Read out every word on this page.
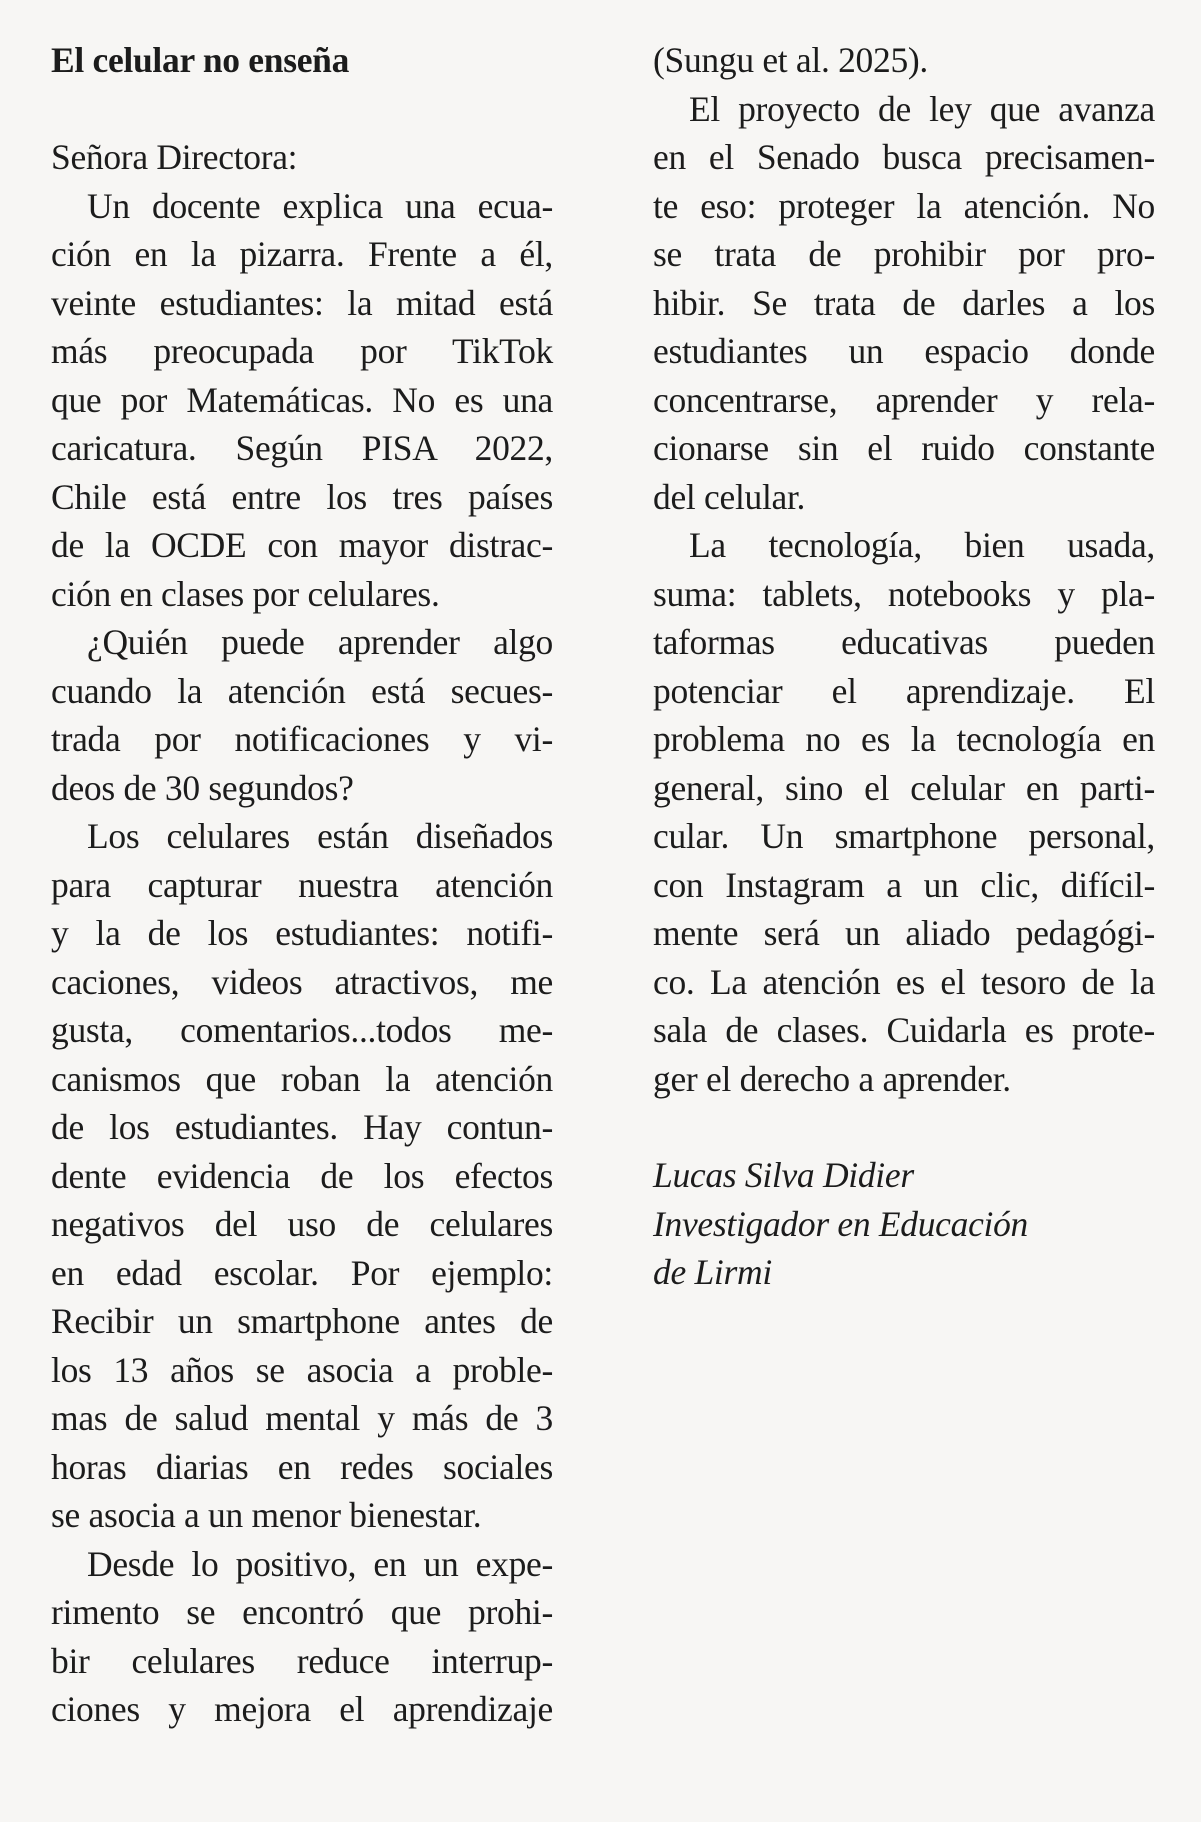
El celular no enseña
Señora Directora:
Un docente explica una ecua-
ción en la pizarra. Frente a él,
veinte estudiantes: la mitad está
más preocupada por TikTok
que por Matemáticas. No es una
caricatura. Según PISA 2022,
Chile está entre los tres países
de la OCDE con mayor distrac-
ción en clases por celulares.
¿Quién puede aprender algo
cuando la atención está secues-
trada por notificaciones y vi-
deos de 30 segundos?
Los celulares están diseñados
para capturar nuestra atención
y la de los estudiantes: notifi-
caciones, videos atractivos, me
gusta, comentarios...todos me-
canismos que roban la atención
de los estudiantes. Hay contun-
dente evidencia de los efectos
negativos del uso de celulares
en edad escolar. Por ejemplo:
Recibir un smartphone antes de
los 13 años se asocia a proble-
mas de salud mental y más de 3
horas diarias en redes sociales
se asocia a un menor bienestar.
Desde lo positivo, en un expe-
rimento se encontró que prohi-
bir celulares reduce interrup-
ciones y mejora el aprendizaje
(Sungu et al. 2025).
El proyecto de ley que avanza
en el Senado busca precisamen-
te eso: proteger la atención. No
se trata de prohibir por pro-
hibir. Se trata de darles a los
estudiantes un espacio donde
concentrarse, aprender y rela-
cionarse sin el ruido constante
del celular.
La tecnología, bien usada,
suma: tablets, notebooks y pla-
taformas educativas pueden
potenciar el aprendizaje. El
problema no es la tecnología en
general, sino el celular en parti-
cular. Un smartphone personal,
con Instagram a un clic, difícil-
mente será un aliado pedagógi-
co. La atención es el tesoro de la
sala de clases. Cuidarla es prote-
ger el derecho a aprender.
Lucas Silva Didier
Investigador en Educación
de Lirmi
